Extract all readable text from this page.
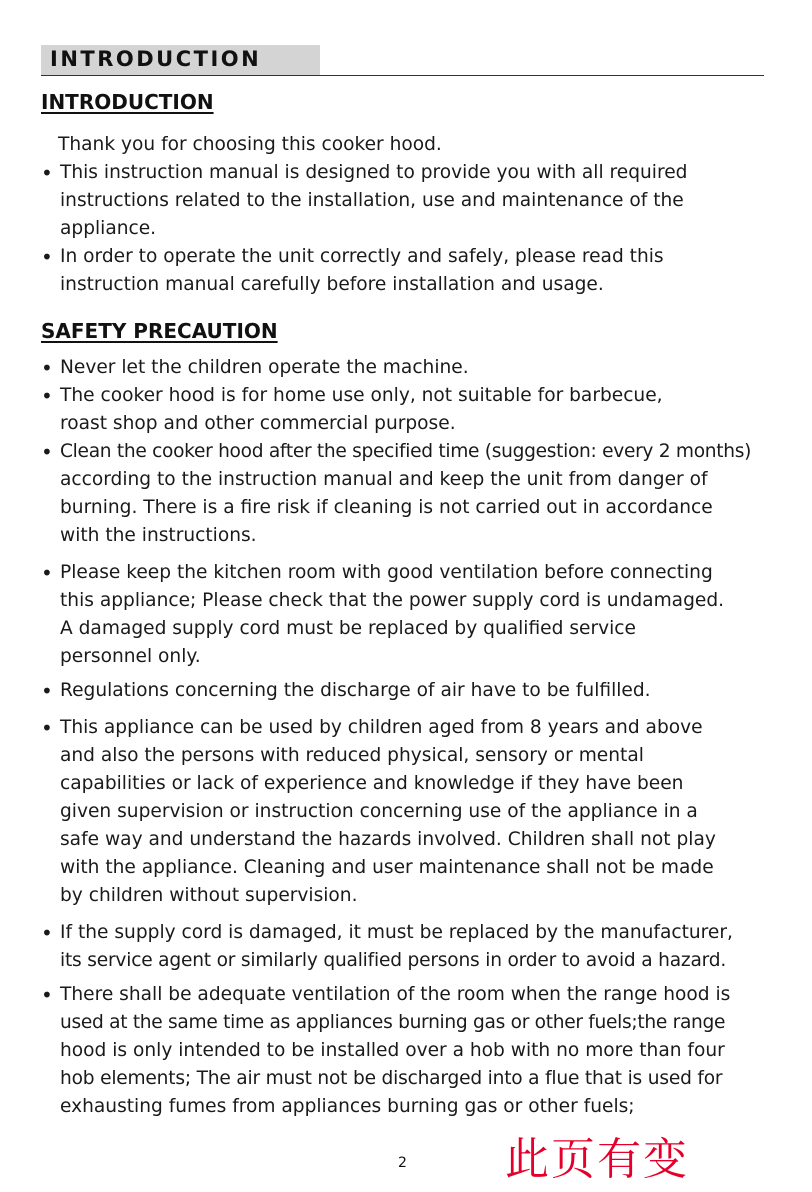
INTRODUCTION
INTRODUCTION
Thank you for choosing this cooker hood.
• This instruction manual is designed to provide you with all required
instructions related to the installation, use and maintenance of the
appliance.
• In order to operate the unit correctly and safely, please read this
instruction manual carefully before installation and usage.
SAFETY PRECAUTION
• Never let the children operate the machine.
• The cooker hood is for home use only, not suitable for barbecue,
roast shop and other commercial purpose.
• Clean the cooker hood after the specified time (suggestion: every 2 months)
according to the instruction manual and keep the unit from danger of
burning. There is a fire risk if cleaning is not carried out in accordance
with the instructions.
• Please keep the kitchen room with good ventilation before connecting
this appliance; Please check that the power supply cord is undamaged.
A damaged supply cord must be replaced by qualified service
personnel only.
• Regulations concerning the discharge of air have to be fulfilled.
• This appliance can be used by children aged from 8 years and above
and also the persons with reduced physical, sensory or mental
capabilities or lack of experience and knowledge if they have been
given supervision or instruction concerning use of the appliance in a
safe way and understand the hazards involved. Children shall not play
with the appliance. Cleaning and user maintenance shall not be made
by children without supervision.
• If the supply cord is damaged, it must be replaced by the manufacturer,
its service agent or similarly qualified persons in order to avoid a hazard.
• There shall be adequate ventilation of the room when the range hood is
used at the same time as appliances burning gas or other fuels;the range
hood is only intended to be installed over a hob with no more than four
hob elements; The air must not be discharged into a flue that is used for
exhausting fumes from appliances burning gas or other fuels;
2 此页有变
